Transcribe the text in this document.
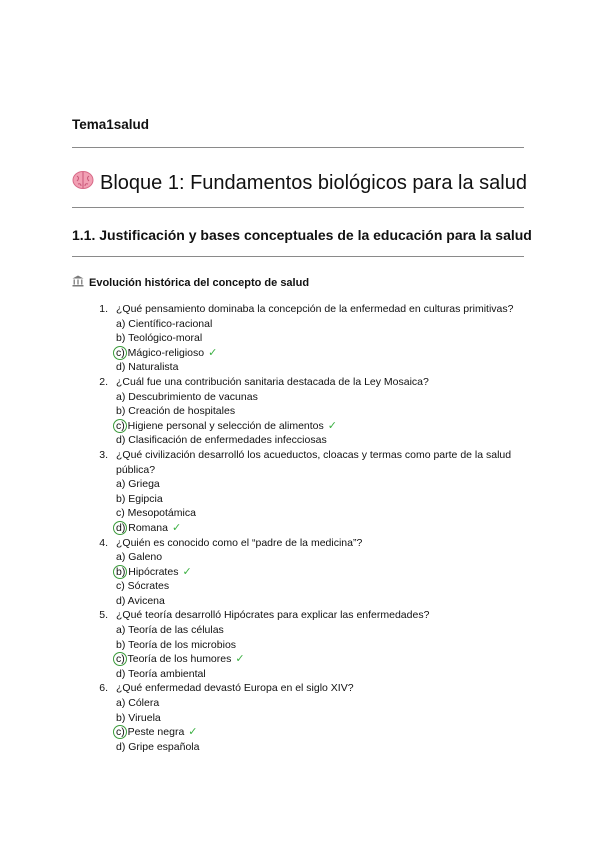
Tema1salud
Bloque 1: Fundamentos biológicos para la salud
1.1. Justificación y bases conceptuales de la educación para la salud
Evolución histórica del concepto de salud
1. ¿Qué pensamiento dominaba la concepción de la enfermedad en culturas primitivas?
a) Científico-racional
b) Teológico-moral
c) Mágico-religioso ✓
d) Naturalista
2. ¿Cuál fue una contribución sanitaria destacada de la Ley Mosaica?
a) Descubrimiento de vacunas
b) Creación de hospitales
c) Higiene personal y selección de alimentos ✓
d) Clasificación de enfermedades infecciosas
3. ¿Qué civilización desarrolló los acueductos, cloacas y termas como parte de la salud pública?
a) Griega
b) Egipcia
c) Mesopotámica
d) Romana ✓
4. ¿Quién es conocido como el “padre de la medicina”?
a) Galeno
b) Hipócrates ✓
c) Sócrates
d) Avicena
5. ¿Qué teoría desarrolló Hipócrates para explicar las enfermedades?
a) Teoría de las células
b) Teoría de los microbios
c) Teoría de los humores ✓
d) Teoría ambiental
6. ¿Qué enfermedad devastó Europa en el siglo XIV?
a) Cólera
b) Viruela
c) Peste negra ✓
d) Gripe española
